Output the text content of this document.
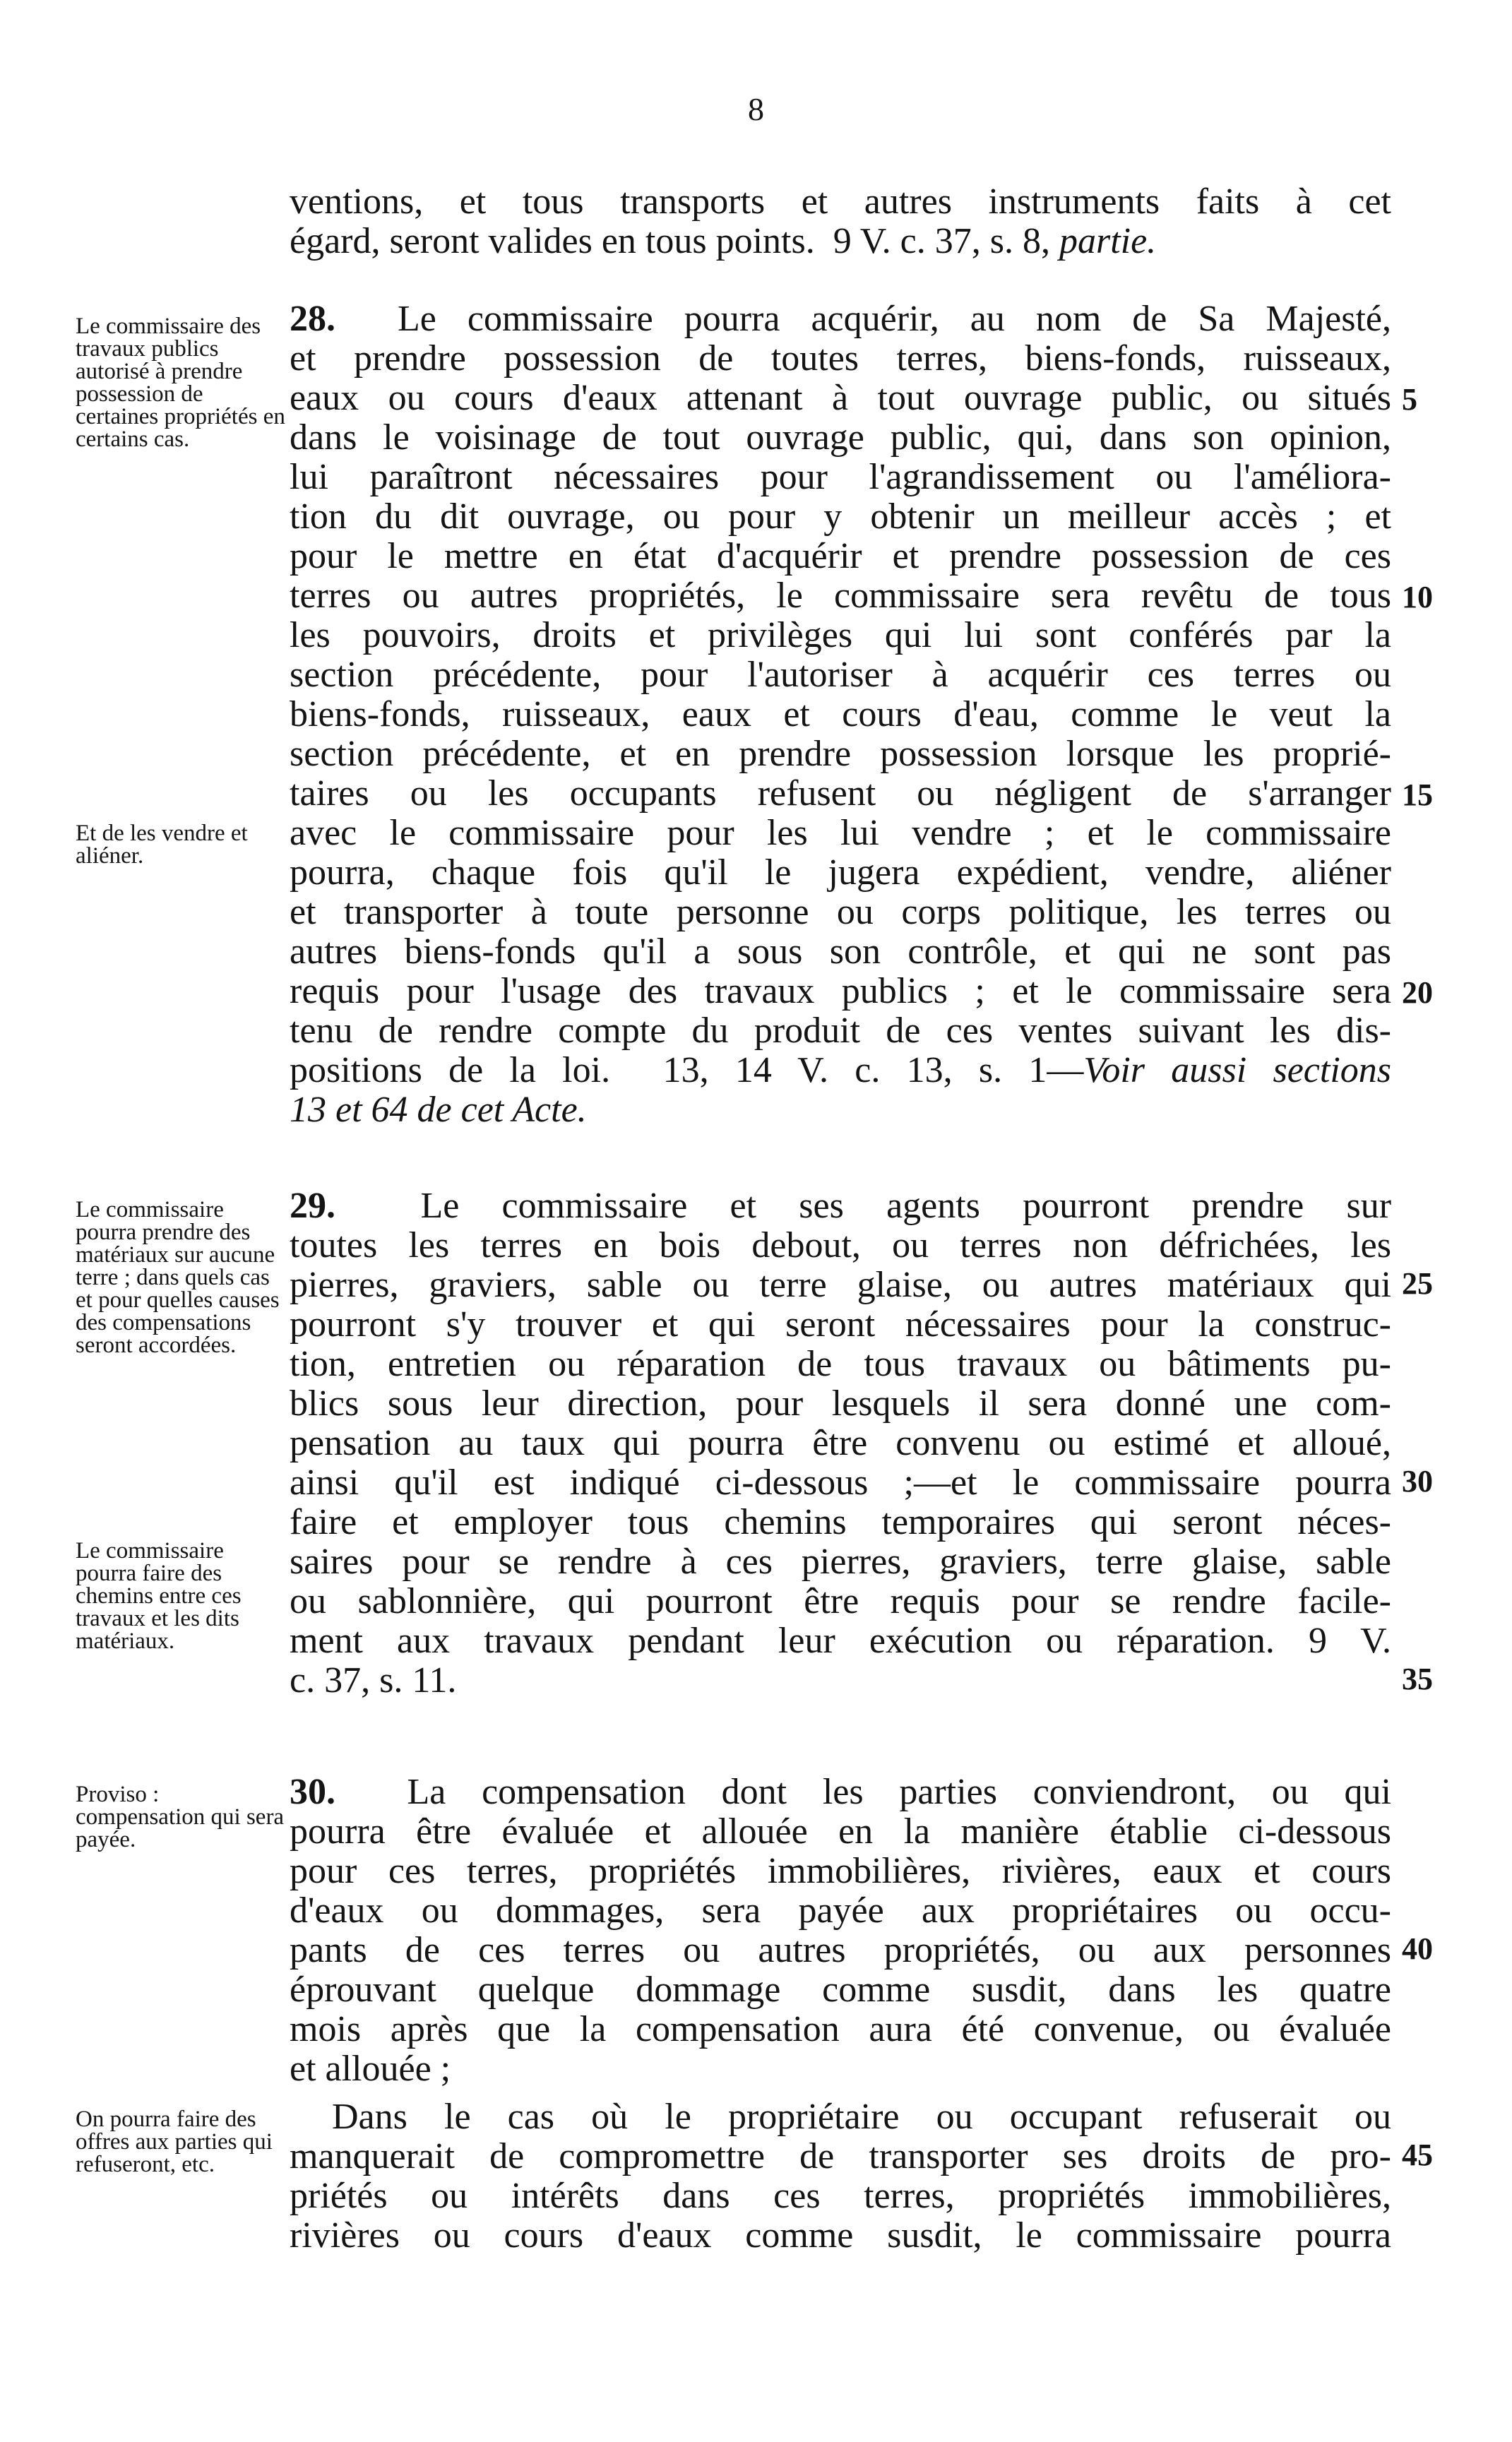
8
ventions, et tous transports et autres instruments faits à cet
égard, seront valides en tous points.  9 V. c. 37, s. 8, partie.
Le commissaire des travaux publics autorisé à prendre possession de certaines propriétés en certains cas.
28. Le commissaire pourra acquérir, au nom de Sa Majesté,
et prendre possession de toutes terres, biens-fonds, ruisseaux,
eaux ou cours d'eaux attenant à tout ouvrage public, ou situés
dans le voisinage de tout ouvrage public, qui, dans son opinion,
lui paraîtront nécessaires pour l'agrandissement ou l'améliora-
tion du dit ouvrage, ou pour y obtenir un meilleur accès ; et
pour le mettre en état d'acquérir et prendre possession de ces
terres ou autres propriétés, le commissaire sera revêtu de tous
les pouvoirs, droits et privilèges qui lui sont conférés par la
section précédente, pour l'autoriser à acquérir ces terres ou
biens-fonds, ruisseaux, eaux et cours d'eau, comme le veut la
section précédente, et en prendre possession lorsque les proprié-
taires ou les occupants refusent ou négligent de s'arranger
avec le commissaire pour les lui vendre ; et le commissaire
pourra, chaque fois qu'il le jugera expédient, vendre, aliéner
et transporter à toute personne ou corps politique, les terres ou
autres biens-fonds qu'il a sous son contrôle, et qui ne sont pas
requis pour l'usage des travaux publics ; et le commissaire sera
tenu de rendre compte du produit de ces ventes suivant les dis-
positions de la loi.  13, 14 V. c. 13, s. 1—Voir aussi sections
13 et 64 de cet Acte.
Et de les vendre et aliéner.
Le commissaire pourra prendre des matériaux sur aucune terre ; dans quels cas et pour quelles causes des compensations seront accordées.
Le commissaire pourra faire des chemins entre ces travaux et les dits matériaux.
29. Le commissaire et ses agents pourront prendre sur
toutes les terres en bois debout, ou terres non défrichées, les
pierres, graviers, sable ou terre glaise, ou autres matériaux qui
pourront s'y trouver et qui seront nécessaires pour la construc-
tion, entretien ou réparation de tous travaux ou bâtiments pu-
blics sous leur direction, pour lesquels il sera donné une com-
pensation au taux qui pourra être convenu ou estimé et alloué,
ainsi qu'il est indiqué ci-dessous ;—et le commissaire pourra
faire et employer tous chemins temporaires qui seront néces-
saires pour se rendre à ces pierres, graviers, terre glaise, sable
ou sablonnière, qui pourront être requis pour se rendre facile-
ment aux travaux pendant leur exécution ou réparation. 9 V.
c. 37, s. 11.
Proviso : compensation qui sera payée.
30. La compensation dont les parties conviendront, ou qui
pourra être évaluée et allouée en la manière établie ci-dessous
pour ces terres, propriétés immobilières, rivières, eaux et cours
d'eaux ou dommages, sera payée aux propriétaires ou occu-
pants de ces terres ou autres propriétés, ou aux personnes
éprouvant quelque dommage comme susdit, dans les quatre
mois après que la compensation aura été convenue, ou évaluée
et allouée ;
On pourra faire des offres aux parties qui refuseront, etc.
Dans le cas où le propriétaire ou occupant refuserait ou
manquerait de compromettre de transporter ses droits de pro-
priétés ou intérêts dans ces terres, propriétés immobilières,
rivières ou cours d'eaux comme susdit, le commissaire pourra
5
10
15
20
25
30
35
40
45
